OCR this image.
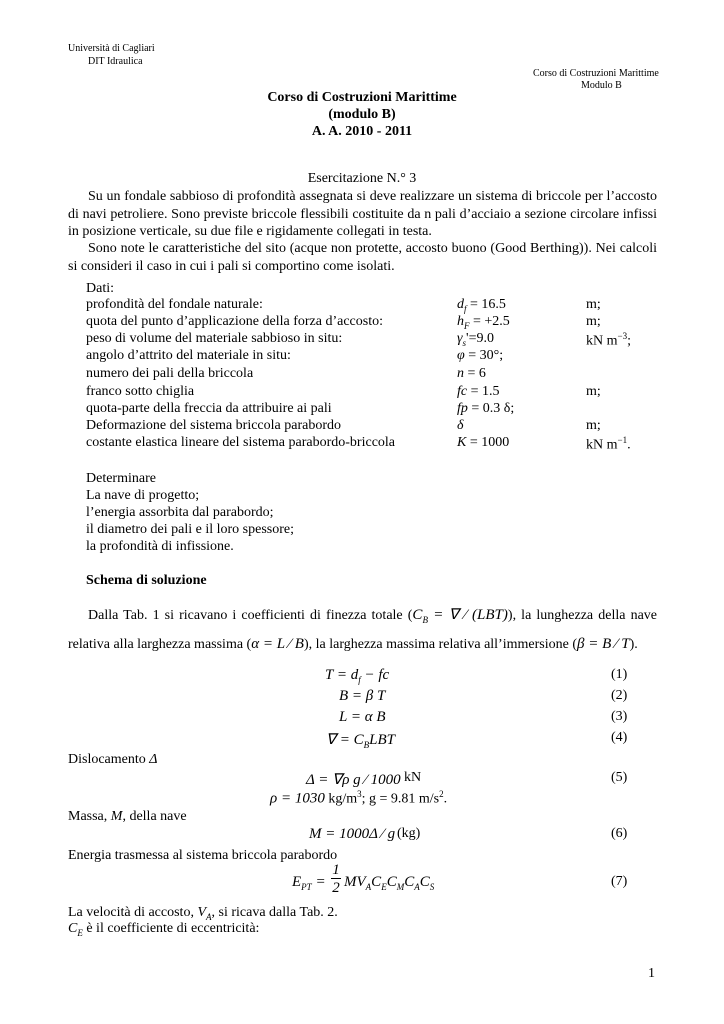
Università di Cagliari
DIT Idraulica
Corso di Costruzioni Marittime
Modulo B
Corso di Costruzioni Marittime
(modulo B)
A. A. 2010 - 2011
Esercitazione N.° 3

Su un fondale sabbioso di profondità assegnata si deve realizzare un sistema di briccole per l’accosto di navi petroliere. Sono previste briccole flessibili costituite da n pali d’acciaio a sezione circolare infissi in posizione verticale, su due file e rigidamente collegati in testa.

Sono note le caratteristiche del sito (acque non protette, accosto buono (Good Berthing)). Nei calcoli si consideri il caso in cui i pali si comportino come isolati.

Dati:
profondità del fondale naturale:	$d_f = 16.5$	m;
quota del punto d’applicazione della forza d’accosto:	$h_F = +2.5$	m;
peso di volume del materiale sabbioso in situ:	$\gamma_s'=9.0$	kN $m^{-3}$;
angolo d’attrito del materiale in situ:	φ = 30°;
numero dei pali della briccola	n = 6
franco sotto chiglia	fc = 1.5	m;
quota-parte della freccia da attribuire ai pali	fp = 0.3 δ;
Deformazione del sistema briccola parabordo	δ	m;
costante elastica lineare del sistema parabordo-briccola	K = 1000	kN $m^{-1}$.
Determinare
La nave di progetto;
l’energia assorbita dal parabordo;
il diametro dei pali e il loro spessore;
la profondità di infissione.
Schema di soluzione
Dalla Tab. 1 si ricavano i coefficienti di finezza totale ($C_B$ = ∇ ⁄ (LBT)), la lunghezza della nave relativa alla larghezza massima (α = L ⁄ B), la larghezza massima relativa all’immersione (β = B ⁄ T).
$T = d_f$ − fc	(1)
B = β T	(2)
L = α B	(3)
∇ = $C_BLBT$	(4)
Dislocamento Δ
Δ = ∇ρ g ⁄ 1000 kN	(5)
ρ = 1030 $kg/m^3$; g = 9.81 $m/s^2$.
Massa, M, della nave
M = 1000Δ ⁄ g (kg)	(6)
Energia trasmessa al sistema briccola parabordo
$E_{PT}$ =
1
2 $MV_AC_EC_MC_AC_S$	(7)
La velocità di accosto, $V_A$, si ricava dalla Tab. 2.
$C_E$ è il coefficiente di eccentricità:
1
